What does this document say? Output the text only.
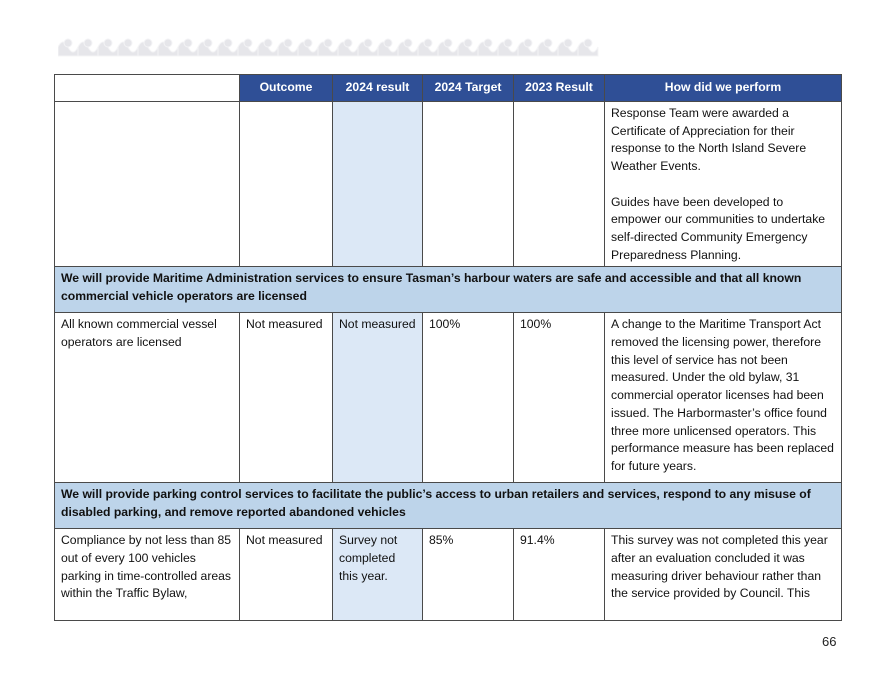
	Outcome	2024 result	2024 Target	2023 Result	How did we perform

					Response Team were awarded a Certificate of Appreciation for their response to the North Island Severe Weather Events.
Guides have been developed to empower our communities to undertake self-directed Community Emergency Preparedness Planning.

We will provide Maritime Administration services to ensure Tasman’s harbour waters are safe and accessible and that all known commercial vehicle operators are licensed					
All known commercial vessel operators are licensed	Not measured	Not measured	100%	100%	A change to the Maritime Transport Act removed the licensing power, therefore this level of service has not been measured. Under the old bylaw, 31 commercial operator licenses had been issued. The Harbormaster’s office found three more unlicensed operators. This performance measure has been replaced for future years.
We will provide parking control services to facilitate the public’s access to urban retailers and services, respond to any misuse of disabled parking, and remove reported abandoned vehicles					
Compliance by not less than 85 out of every 100 vehicles parking in time-controlled areas within the Traffic Bylaw,	Not measured	Survey not completed this year.	85%	91.4%	This survey was not completed this year after an evaluation concluded it was measuring driver behaviour rather than the service provided by Council. This
66
